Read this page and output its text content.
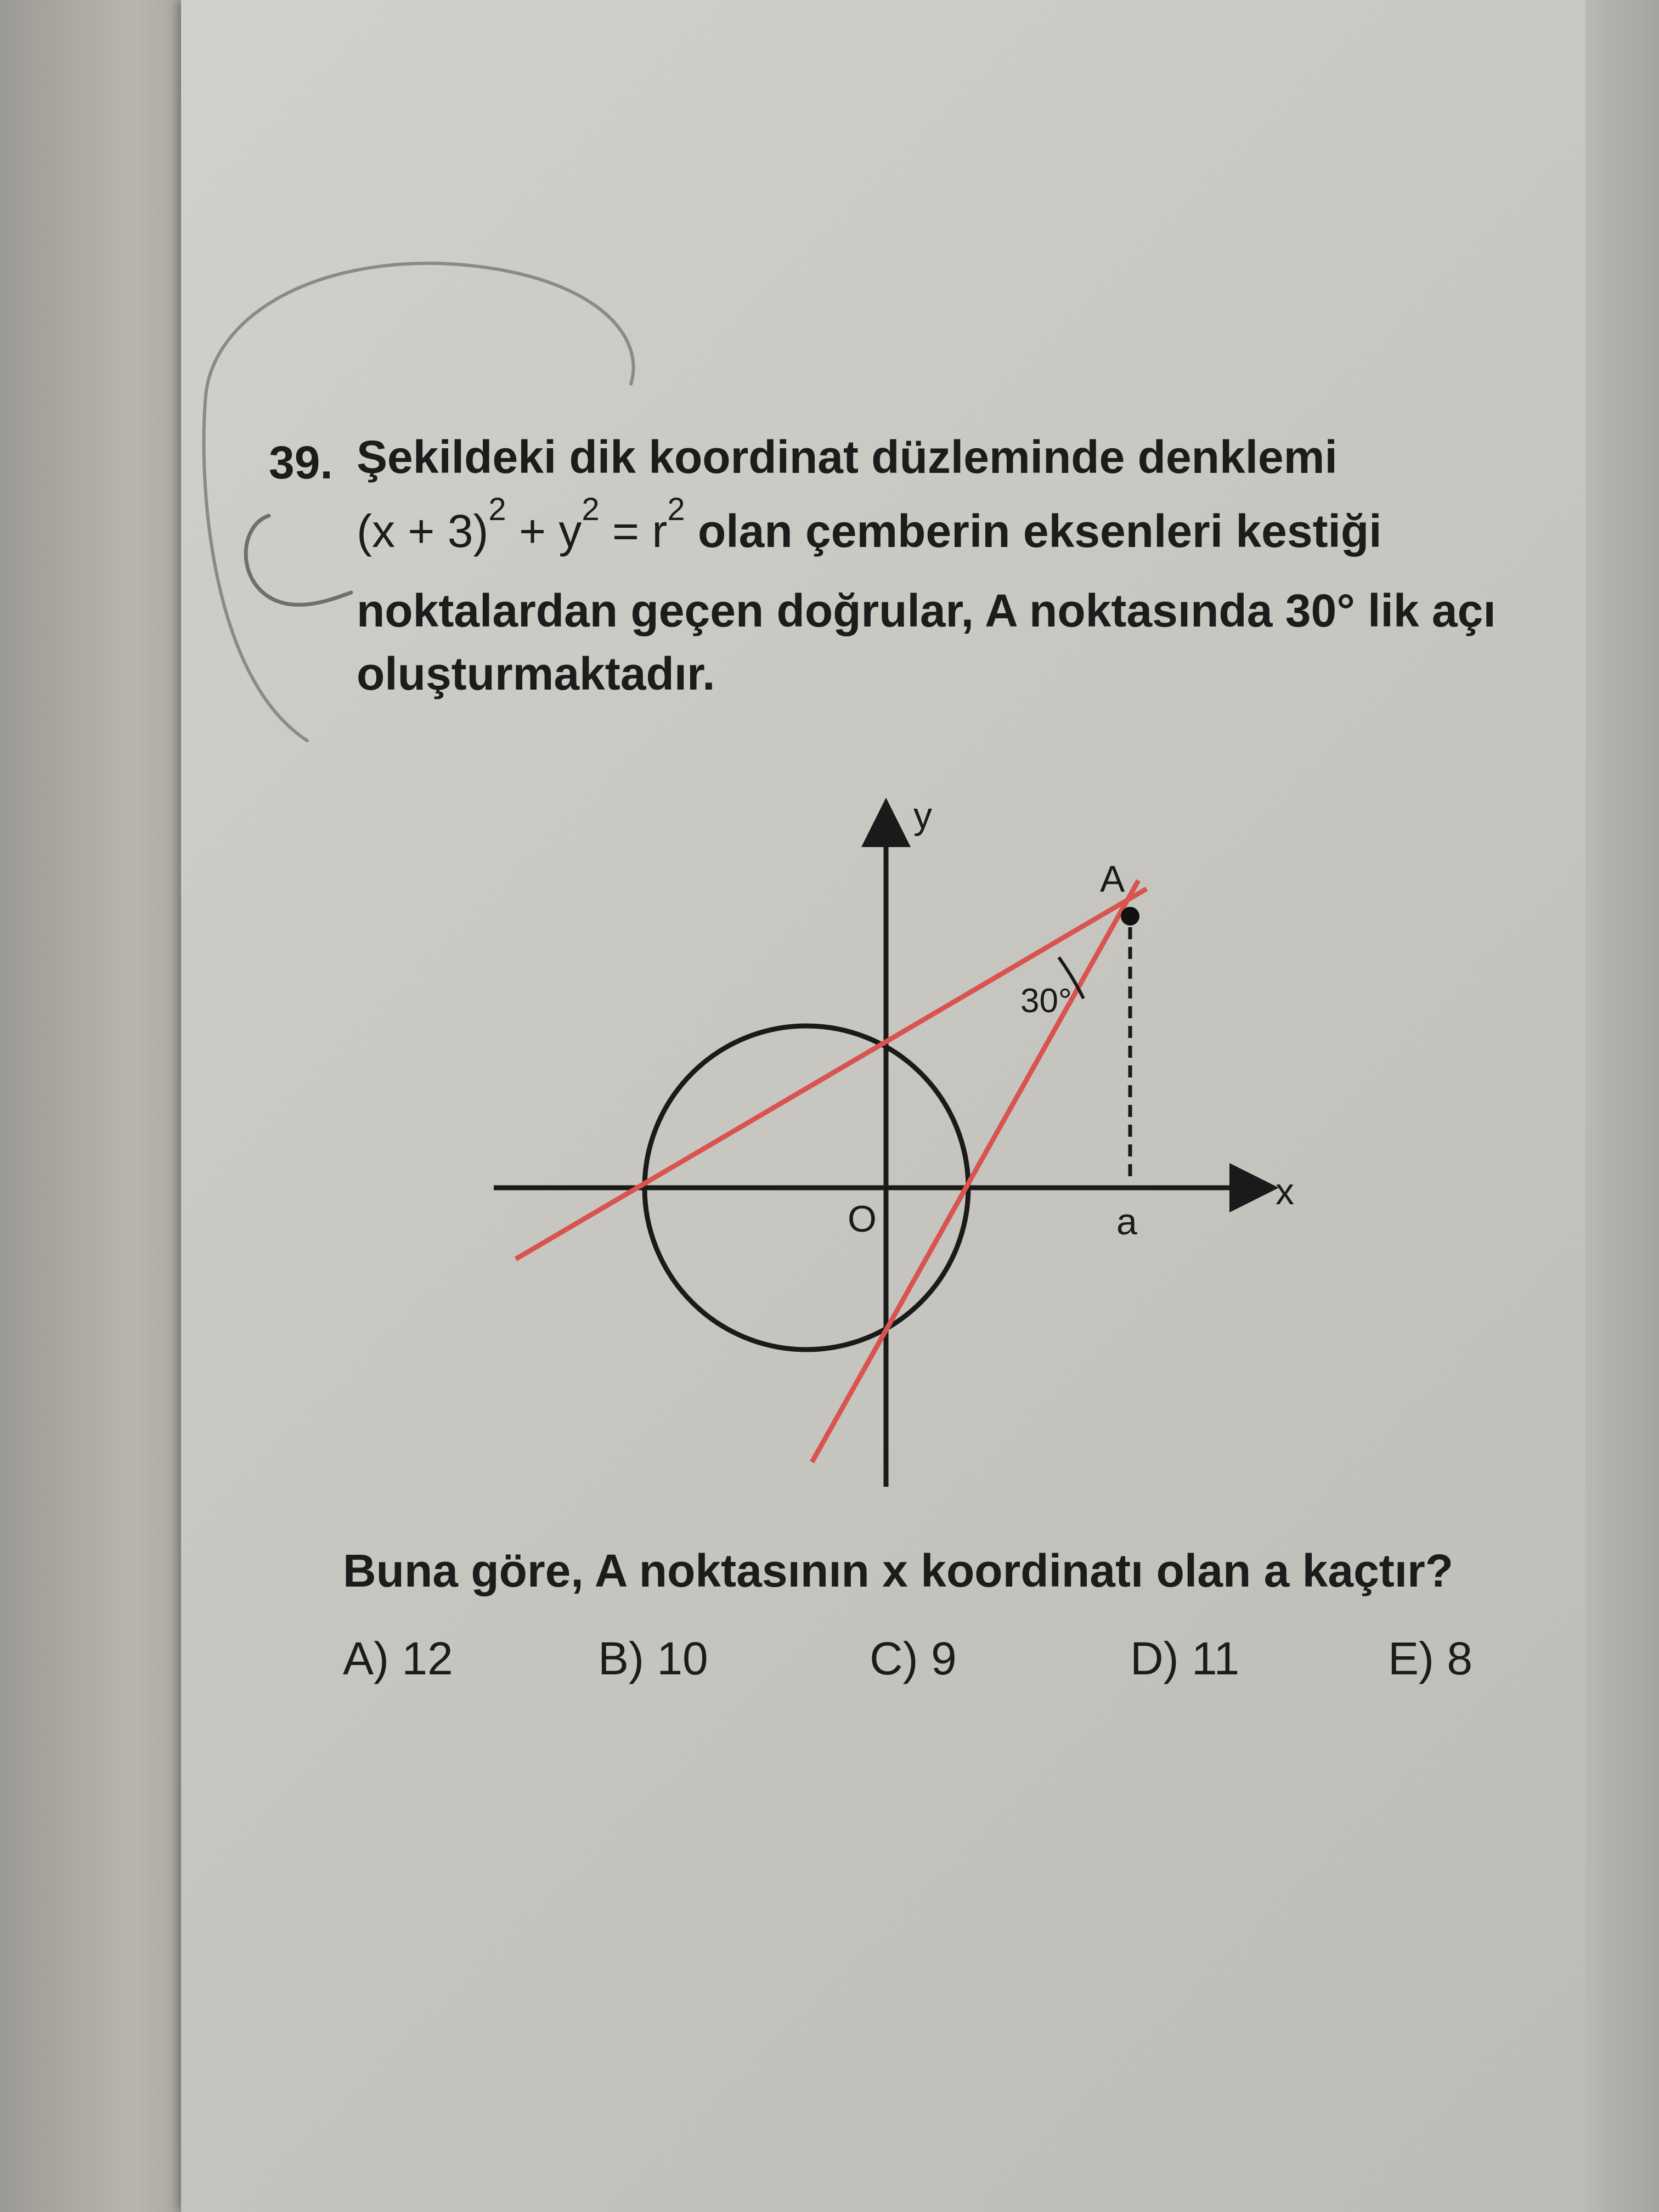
39. Şekildeki dik koordinat düzleminde denklemi
$(x + 3)^2 + y^2 = r^2$ olan çemberin eksenleri kestiği
noktalardan geçen doğrular, A noktasında 30° lik açı
oluşturmaktadır.
y
x
O
A
30°
a
Buna göre, A noktasının x koordinatı olan a kaçtır?
A) 12	B) 10	C) 9	D) 11	E) 8
